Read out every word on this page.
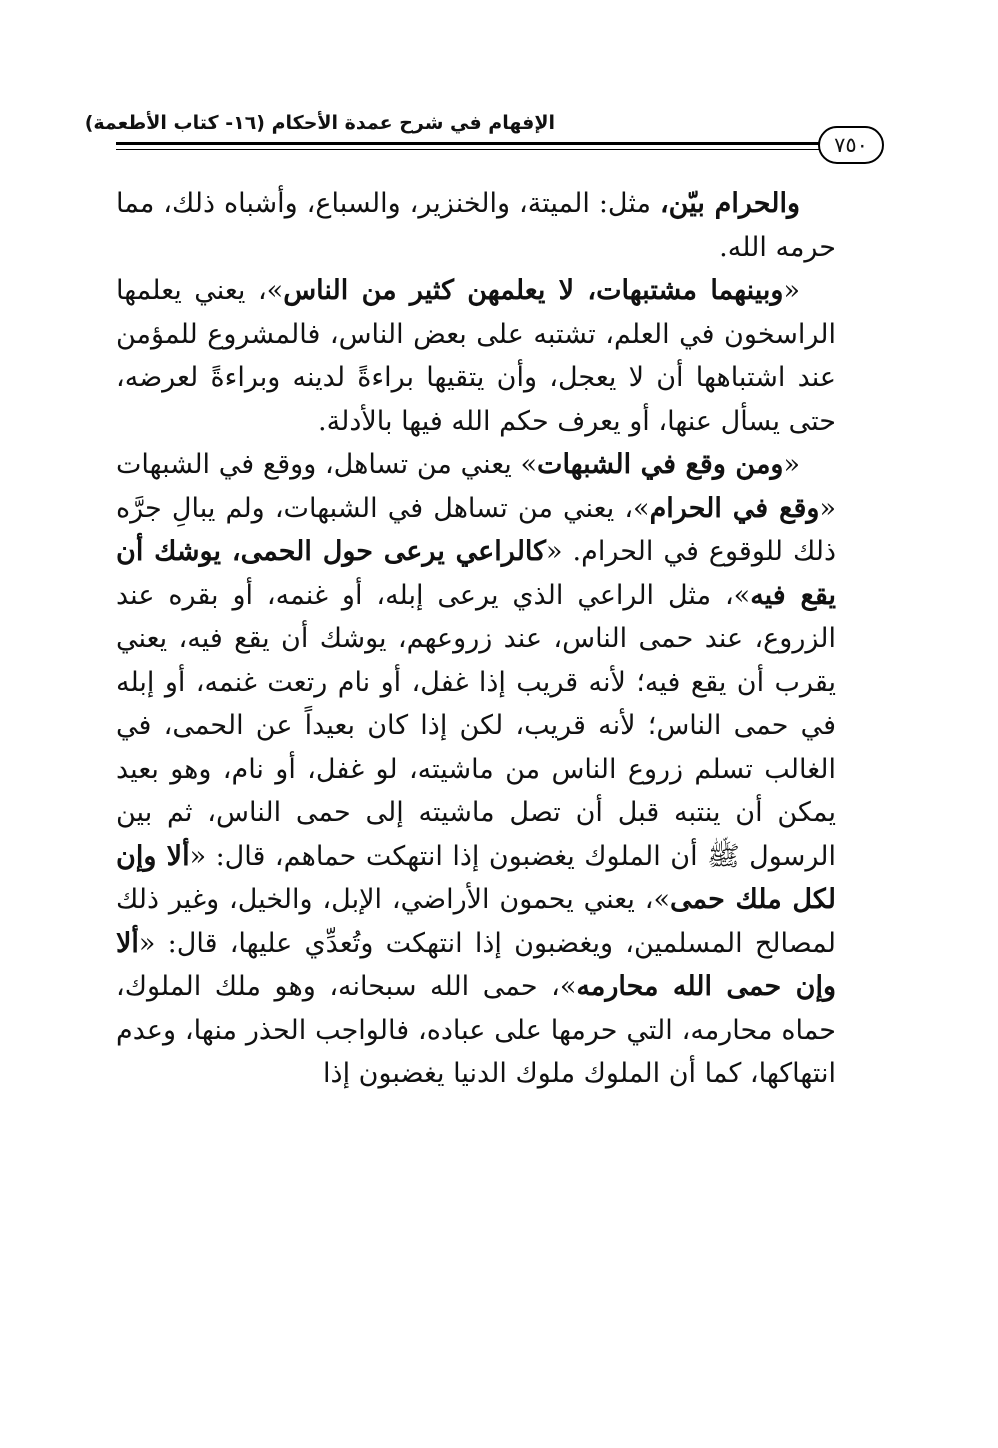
الإفهام في شرح عمدة الأحكام (١٦- كتاب الأطعمة)
٧٥٠

والحرام بيّن، مثل: الميتة، والخنزير، والسباع، وأشباه ذلك، مما حرمه الله.

«وبينهما مشتبهات، لا يعلمهن كثير من الناس»، يعني يعلمها الراسخون في العلم، تشتبه على بعض الناس، فالمشروع للمؤمن عند اشتباهها أن لا يعجل، وأن يتقيها براءةً لدينه وبراءةً لعرضه، حتى يسأل عنها، أو يعرف حكم الله فيها بالأدلة.

«ومن وقع في الشبهات» يعني من تساهل، ووقع في الشبهات «وقع في الحرام»، يعني من تساهل في الشبهات، ولم يبالِ جرَّه ذلك للوقوع في الحرام. «كالراعي يرعى حول الحمى، يوشك أن يقع فيه»، مثل الراعي الذي يرعى إبله، أو غنمه، أو بقره عند الزروع، عند حمى الناس، عند زروعهم، يوشك أن يقع فيه، يعني يقرب أن يقع فيه؛ لأنه قريب إذا غفل، أو نام رتعت غنمه، أو إبله في حمى الناس؛ لأنه قريب، لكن إذا كان بعيداً عن الحمى، في الغالب تسلم زروع الناس من ماشيته، لو غفل، أو نام، وهو بعيد يمكن أن ينتبه قبل أن تصل ماشيته إلى حمى الناس، ثم بين الرسول ﷺ أن الملوك يغضبون إذا انتهكت حماهم، قال: «ألا وإن لكل ملك حمى»، يعني يحمون الأراضي، الإبل، والخيل، وغير ذلك لمصالح المسلمين، ويغضبون إذا انتهكت وتُعدِّي عليها، قال: «ألا وإن حمى الله محارمه»، حمى الله سبحانه، وهو ملك الملوك، حماه محارمه، التي حرمها على عباده، فالواجب الحذر منها، وعدم انتهاكها، كما أن الملوك ملوك الدنيا يغضبون إذا
